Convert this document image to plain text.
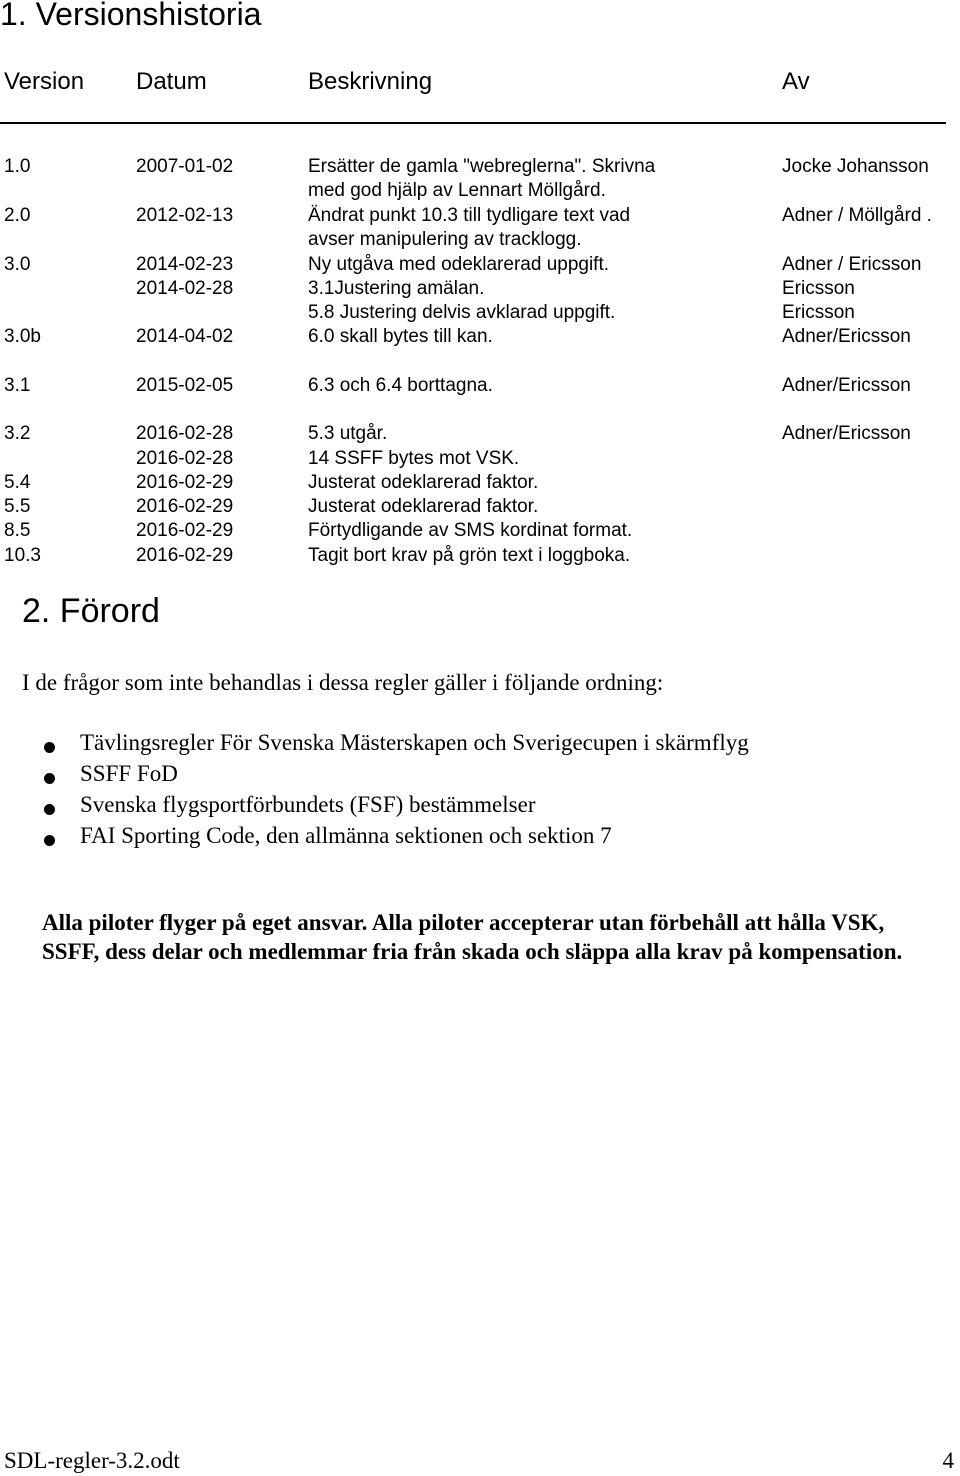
1. Versionshistoria
Version Datum	Beskrivning	Av
1.0	2007-01-02	Ersätter de gamla "webreglerna". Skrivna	Jocke Johansson
med god hjälp av Lennart Möllgård.
2.0	2012-02-13	Ändrat punkt 10.3 till tydligare text vad	Adner / Möllgård .
avser manipulering av tracklogg.
3.0	2014-02-23	Ny utgåva med odeklarerad uppgift.	Adner / Ericsson
2014-02-28	3.1Justering amälan.	Ericsson
5.8 Justering delvis avklarad uppgift.	Ericsson
3.0b	2014-04-02	6.0 skall bytes till kan.	Adner/Ericsson
3.1	2015-02-05	6.3 och 6.4 borttagna.	Adner/Ericsson
3.2	2016-02-28	5.3 utgår.	Adner/Ericsson
2016-02-28	14 SSFF bytes mot VSK.
5.4	2016-02-29	Justerat odeklarerad faktor.
5.5	2016-02-29	Justerat odeklarerad faktor.
8.5	2016-02-29	Förtydligande av SMS kordinat format.
10.3	2016-02-29	Tagit bort krav på grön text i loggboka.
2. Förord
I de frågor som inte behandlas i dessa regler gäller i följande ordning:
Tävlingsregler För Svenska Mästerskapen och Sverigecupen i skärmflyg
SSFF FoD
Svenska flygsportförbundets (FSF) bestämmelser
FAI Sporting Code, den allmänna sektionen och sektion 7

Alla piloter flyger på eget ansvar. Alla piloter accepterar utan förbehåll att hålla VSK, SSFF, dess delar och medlemmar fria från skada och släppa alla krav på kompensation.

SDL-regler-3.2.odt	4
